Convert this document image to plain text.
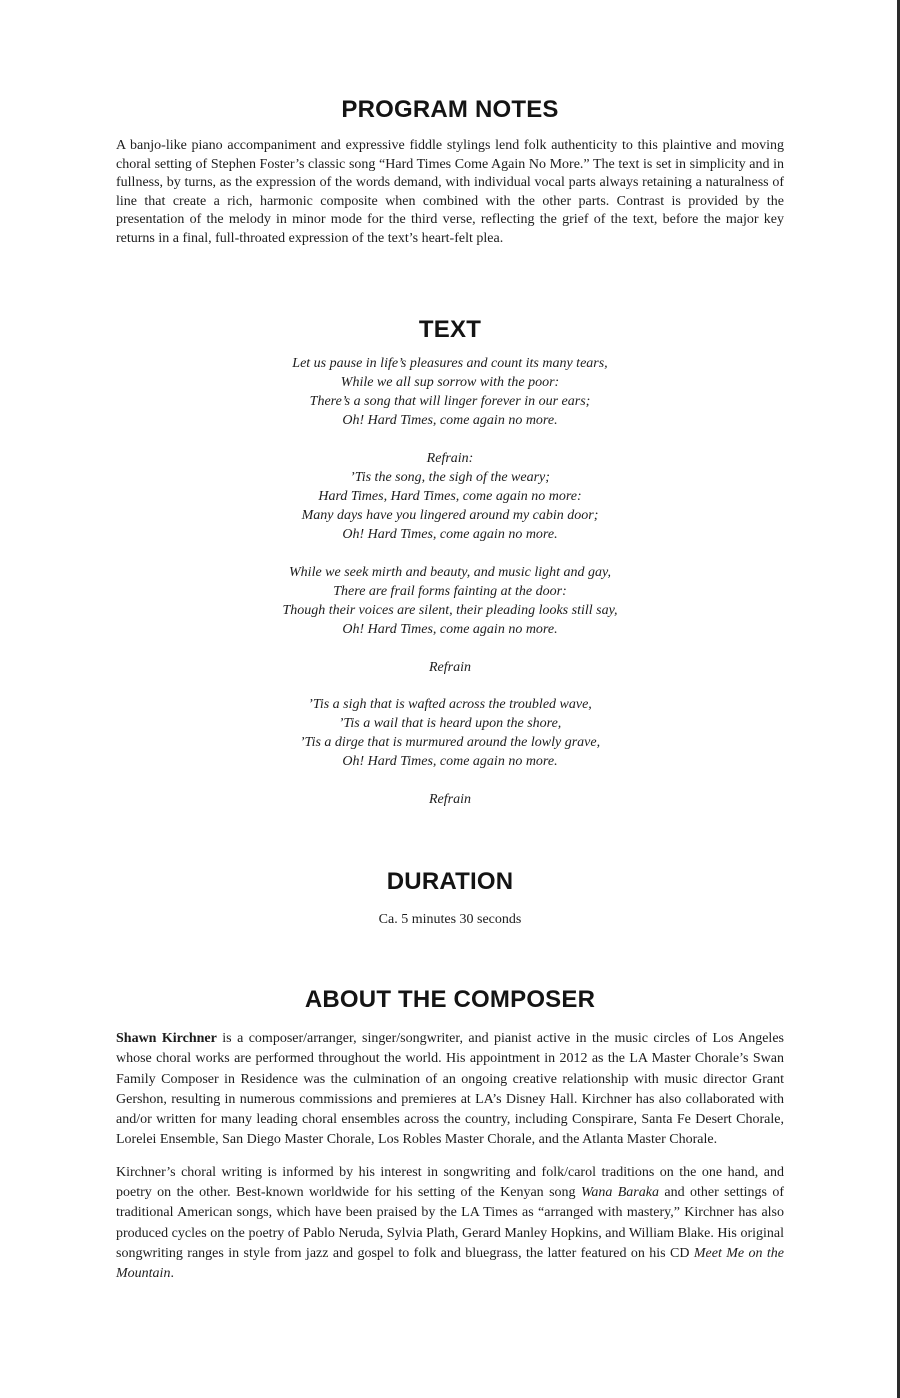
PROGRAM NOTES

A banjo-like piano accompaniment and expressive fiddle stylings lend folk authenticity to this plaintive and moving choral setting of Stephen Foster’s classic song “Hard Times Come Again No More.” The text is set in simplicity and in fullness, by turns, as the expression of the words demand, with individual vocal parts always retaining a naturalness of line that create a rich, harmonic composite when combined with the other parts. Contrast is provided by the presentation of the melody in minor mode for the third verse, reflecting the grief of the text, before the major key returns in a final, full-throated expression of the text’s heart-felt plea.

TEXT
Let us pause in life’s pleasures and count its many tears,
While we all sup sorrow with the poor:
There’s a song that will linger forever in our ears;
Oh! Hard Times, come again no more.
Refrain:
’Tis the song, the sigh of the weary;
Hard Times, Hard Times, come again no more:
Many days have you lingered around my cabin door;
Oh! Hard Times, come again no more.
While we seek mirth and beauty, and music light and gay,
There are frail forms fainting at the door:
Though their voices are silent, their pleading looks still say,
Oh! Hard Times, come again no more.
Refrain
’Tis a sigh that is wafted across the troubled wave,
’Tis a wail that is heard upon the shore,
’Tis a dirge that is murmured around the lowly grave,
Oh! Hard Times, come again no more.
Refrain
DURATION

Ca. 5 minutes 30 seconds

ABOUT THE COMPOSER

Shawn Kirchner is a composer/arranger, singer/songwriter, and pianist active in the music circles of Los Angeles whose choral works are performed throughout the world. His appointment in 2012 as the LA Master Chorale’s Swan Family Composer in Residence was the culmination of an ongoing creative relationship with music director Grant Gershon, resulting in numerous commissions and premieres at LA’s Disney Hall. Kirchner has also collaborated with and/or written for many leading choral ensembles across the country, including Conspirare, Santa Fe Desert Chorale, Lorelei Ensemble, San Diego Master Chorale, Los Robles Master Chorale, and the Atlanta Master Chorale.

Kirchner’s choral writing is informed by his interest in songwriting and folk/carol traditions on the one hand, and poetry on the other. Best-known worldwide for his setting of the Kenyan song Wana Baraka and other settings of traditional American songs, which have been praised by the LA Times as “arranged with mastery,” Kirchner has also produced cycles on the poetry of Pablo Neruda, Sylvia Plath, Gerard Manley Hopkins, and William Blake. His original songwriting ranges in style from jazz and gospel to folk and bluegrass, the latter featured on his CD Meet Me on the Mountain.
